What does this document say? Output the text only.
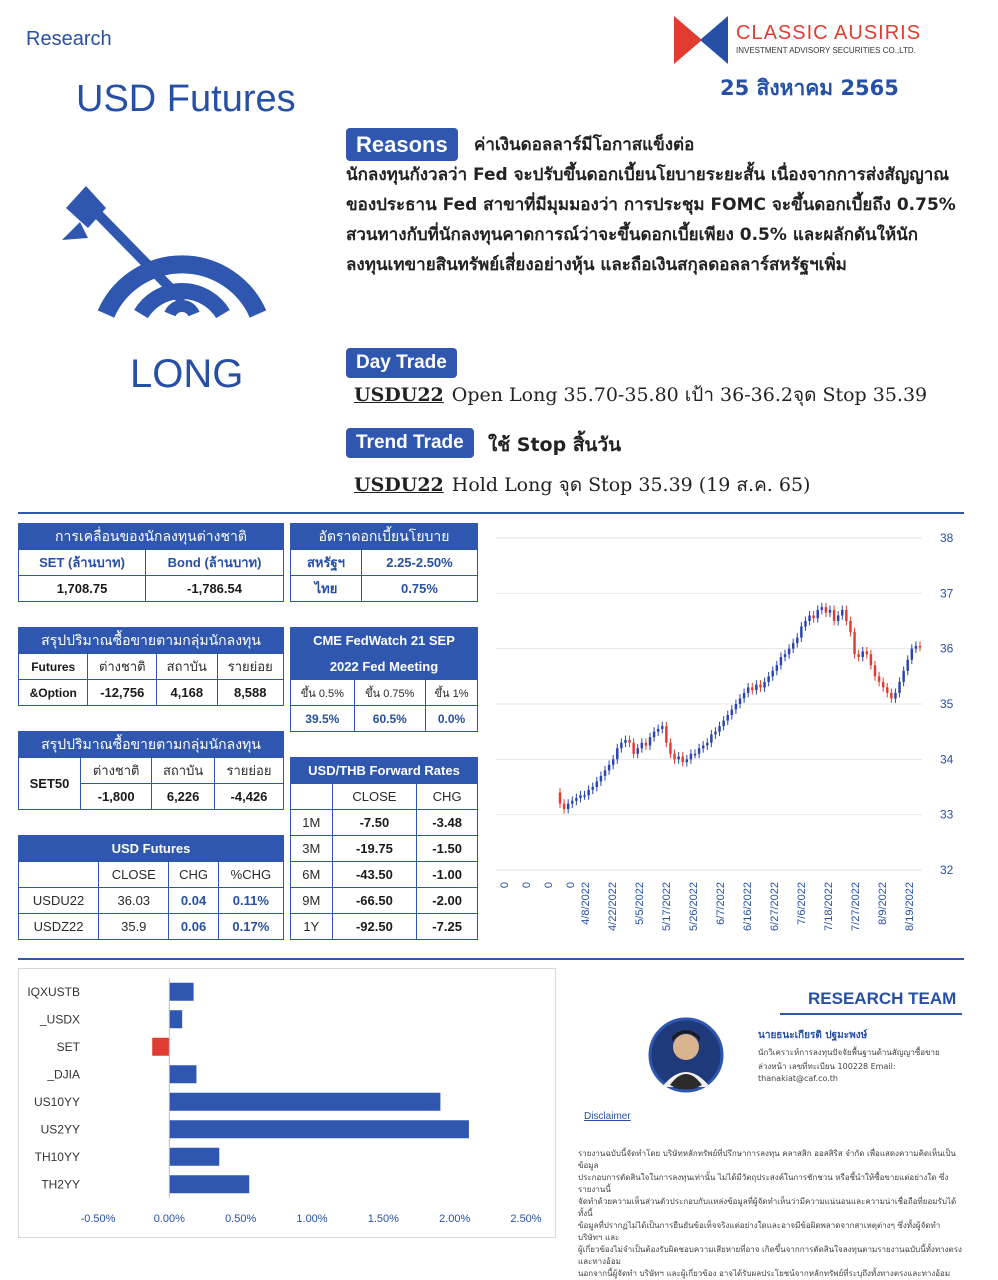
Research
USD Futures
CLASSIC AUSIRIS
INVESTMENT ADVISORY SECURITIES CO.,LTD.
25 สิงหาคม 2565
LONG
Reasons	ค่าเงินดอลลาร์มีโอกาสแข็งต่อ
นักลงทุนกังวลว่า Fed จะปรับขึ้นดอกเบี้ยนโยบายระยะสั้น เนื่องจากการส่งสัญญาณ
ของประธาน Fed สาขาที่มีมุมมองว่า การประชุม FOMC จะขึ้นดอกเบี้ยถึง 0.75%
สวนทางกับที่นักลงทุนคาดการณ์ว่าจะขึ้นดอกเบี้ยเพียง 0.5% และผลักดันให้นัก
ลงทุนเทขายสินทรัพย์เสี่ยงอย่างหุ้น และถือเงินสกุลดอลลาร์สหรัฐฯเพิ่ม
Day Trade
USDU22 Open Long 35.70-35.80 เป้า 36-36.2จุด Stop 35.39
Trend Trade	ใช้ Stop สิ้นวัน
USDU22 Hold Long จุด Stop 35.39 (19 ส.ค. 65)
การเคลื่อนของนักลงทุนต่างชาติ	
SET (ล้านบาท)	Bond (ล้านบาท)
1,708.75	-1,786.54
อัตราดอกเบี้ยนโยบาย	
สหรัฐฯ	2.25-2.50%
ไทย	0.75%
สรุปปริมาณซื้อขายตามกลุ่มนักลงทุน			
Futures	ต่างชาติ	สถาบัน	รายย่อย
&Option	-12,756	4,168	8,588
CME FedWatch 21 SEP		
2022 Fed Meeting		
ขึ้น 0.5%	ขึ้น 0.75%	ขึ้น 1%
39.5%	60.5%	0.0%
สรุปปริมาณซื้อขายตามกลุ่มนักลงทุน			
SET50	ต่างชาติ	สถาบัน	รายย่อย
	-1,800	6,226	-4,426
USD/THB Forward Rates		
	CLOSE	CHG
1M	-7.50	-3.48
3M	-19.75	-1.50
6M	-43.50	-1.00
9M	-66.50	-2.00
1Y	-92.50	-7.25
USD Futures			
	CLOSE	CHG	%CHG
USDU22	36.03	0.04	0.11%
USDZ22	35.9	0.06	0.17%
32
33
34
35
36
37
38
0 0 0 0 4/8/2022 4/22/2022 5/5/2022 5/17/2022 5/26/2022 6/7/2022 6/16/2022 6/27/2022 7/6/2022 7/18/2022 7/27/2022 8/9/2022 8/19/2022
IQXUSTB
_USDX
SET
_DJIA
US10YY
US2YY
TH10YY
TH2YY
-0.50%	0.00%	0.50%	1.00%	1.50%	2.00%	2.50%
RESEARCH TEAM
นายธนะเกียรติ ปฐมะพงษ์
นักวิเคราะห์การลงทุนปัจจัยพื้นฐานด้านสัญญาซื้อขาย
ล่วงหน้า เลขที่ทะเบียน 100228 Email:
thanakiat@caf.co.th
Disclaimer
รายงานฉบับนี้จัดทำโดย บริษัทหลักทรัพย์ที่ปรึกษาการลงทุน คลาสสิก ออสสิริส จำกัด เพื่อแสดงความคิดเห็นเป็นข้อมูล
ประกอบการตัดสินใจในการลงทุนเท่านั้น ไม่ได้มีวัตถุประสงค์ในการชักชวน หรือชี้นำให้ซื้อขายแต่อย่างใด ซึ่งรายงานนี้
จัดทำด้วยความเห็นส่วนตัวประกอบกับแหล่งข้อมูลที่ผู้จัดทำเห็นว่ามีความแน่นอนและความน่าเชื่อถือที่ยอมรับได้ ทั้งนี้
ข้อมูลที่ปรากฏไม่ได้เป็นการยืนยันข้อเท็จจริงแต่อย่างใดและอาจมีข้อผิดพลาดจากสาเหตุต่างๆ ซึ่งทั้งผู้จัดทำ บริษัทฯ และ
ผู้เกี่ยวข้องไม่จำเป็นต้องรับผิดชอบความเสียหายที่อาจ เกิดขึ้นจากการตัดสินใจลงทุนตามรายงานฉบับนี้ทั้งทางตรงและทางอ้อม
นอกจากนี้ผู้จัดทำ บริษัทฯ และผู้เกี่ยวข้อง อาจได้รับผลประโยชน์จากหลักทรัพย์ที่ระบุถึงทั้งทางตรงและทางอ้อม
